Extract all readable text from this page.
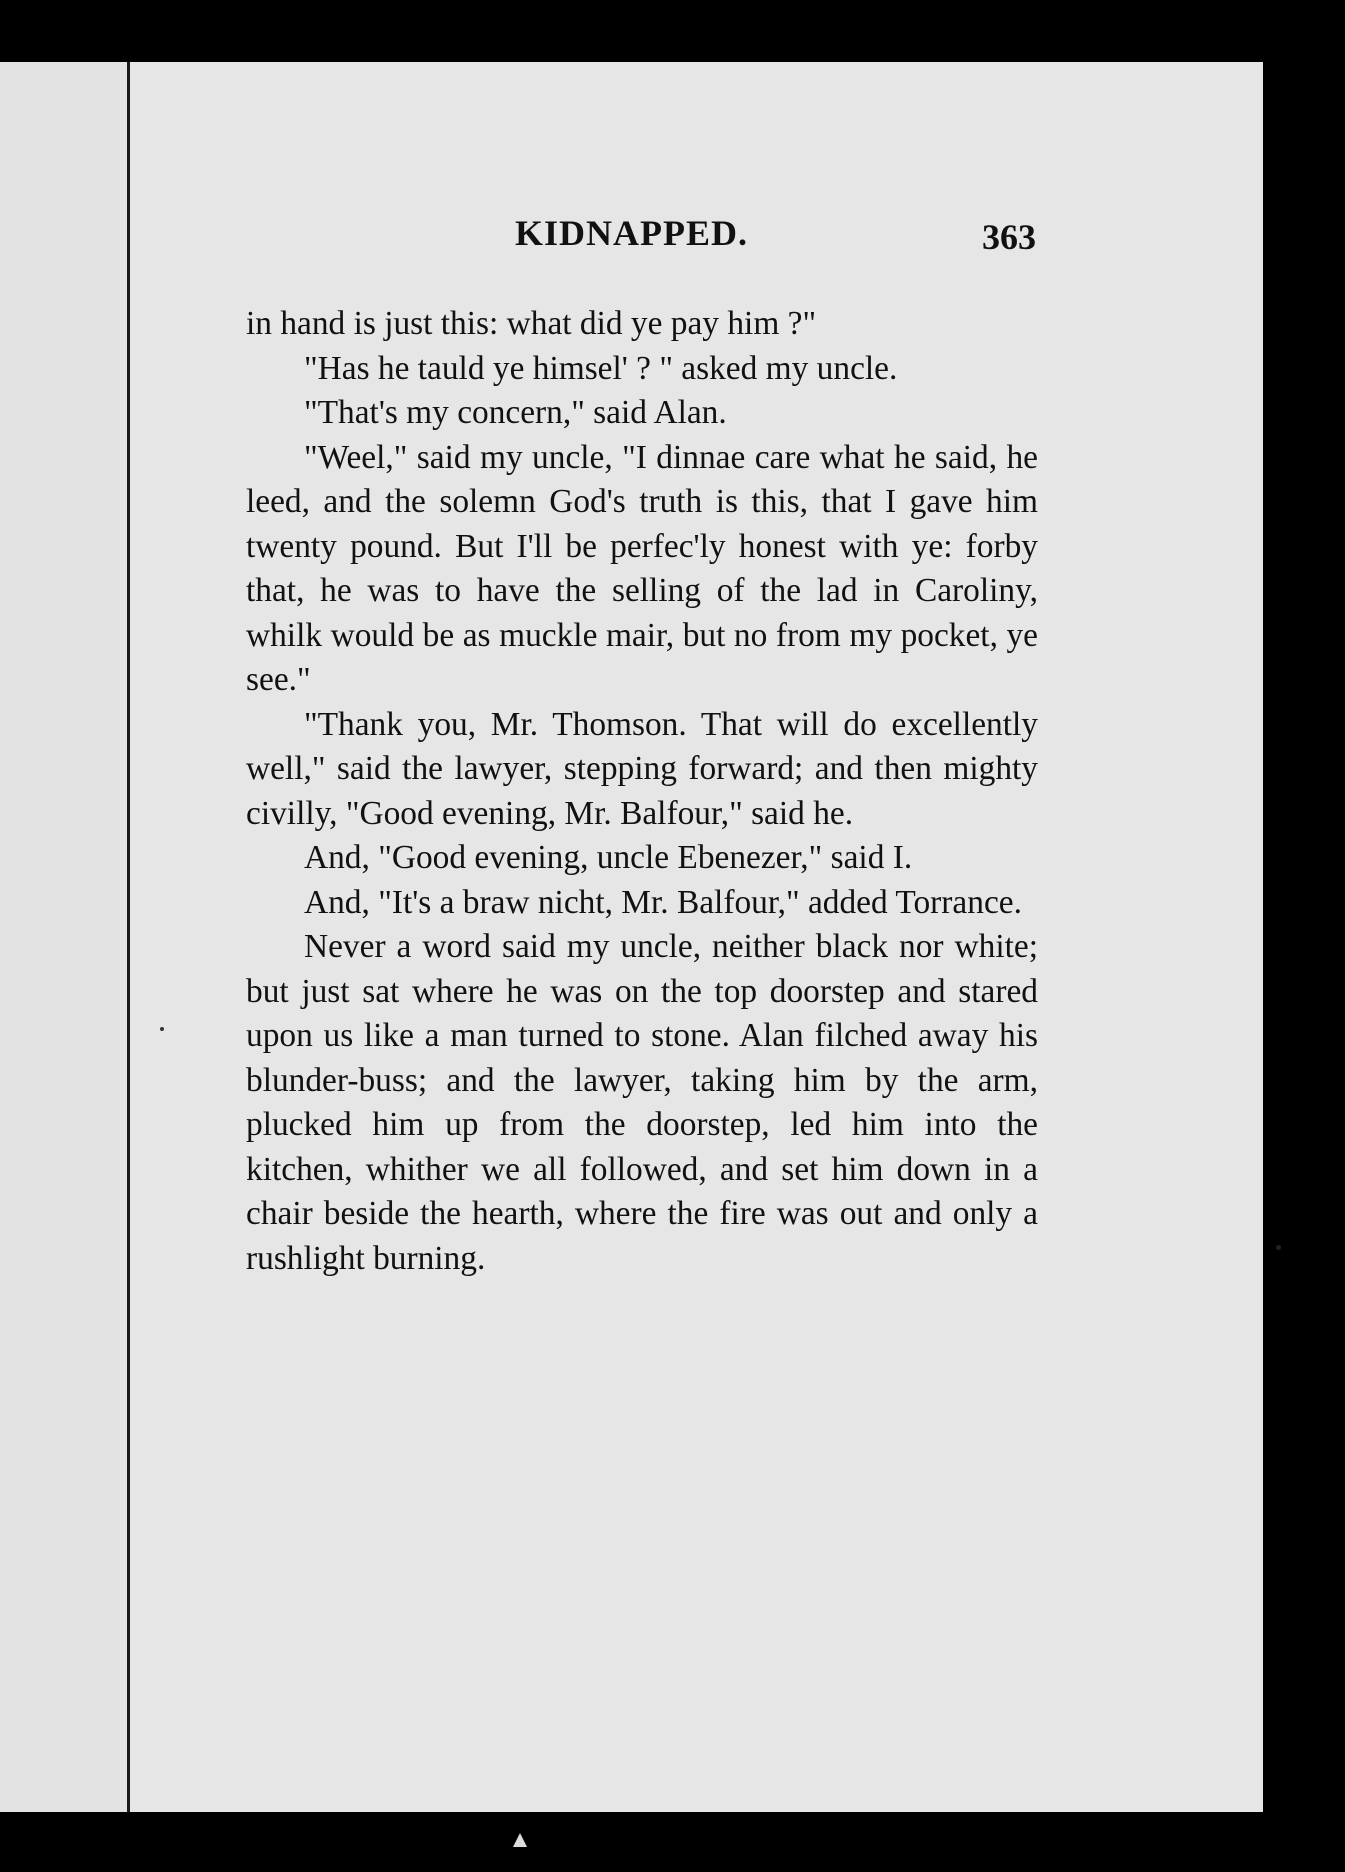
KIDNAPPED.	363

in hand is just this: what did ye pay him ?"

"Has he tauld ye himsel' ? " asked my uncle.

"That's my concern," said Alan.

"Weel," said my uncle, "I dinnae care what he said, he leed, and the solemn God's truth is this, that I gave him twenty pound. But I'll be perfec'ly honest with ye: forby that, he was to have the selling of the lad in Caroliny, whilk would be as muckle mair, but no from my pocket, ye see."

"Thank you, Mr. Thomson. That will do excellently well," said the lawyer, stepping forward; and then mighty civilly, "Good evening, Mr. Balfour," said he.

And, "Good evening, uncle Ebenezer," said I.

And, "It's a braw nicht, Mr. Balfour," added Torrance.

Never a word said my uncle, neither black nor white; but just sat where he was on the top doorstep and stared upon us like a man turned to stone. Alan filched away his blunder-buss; and the lawyer, taking him by the arm, plucked him up from the doorstep, led him into the kitchen, whither we all followed, and set him down in a chair beside the hearth, where the fire was out and only a rushlight burning.
